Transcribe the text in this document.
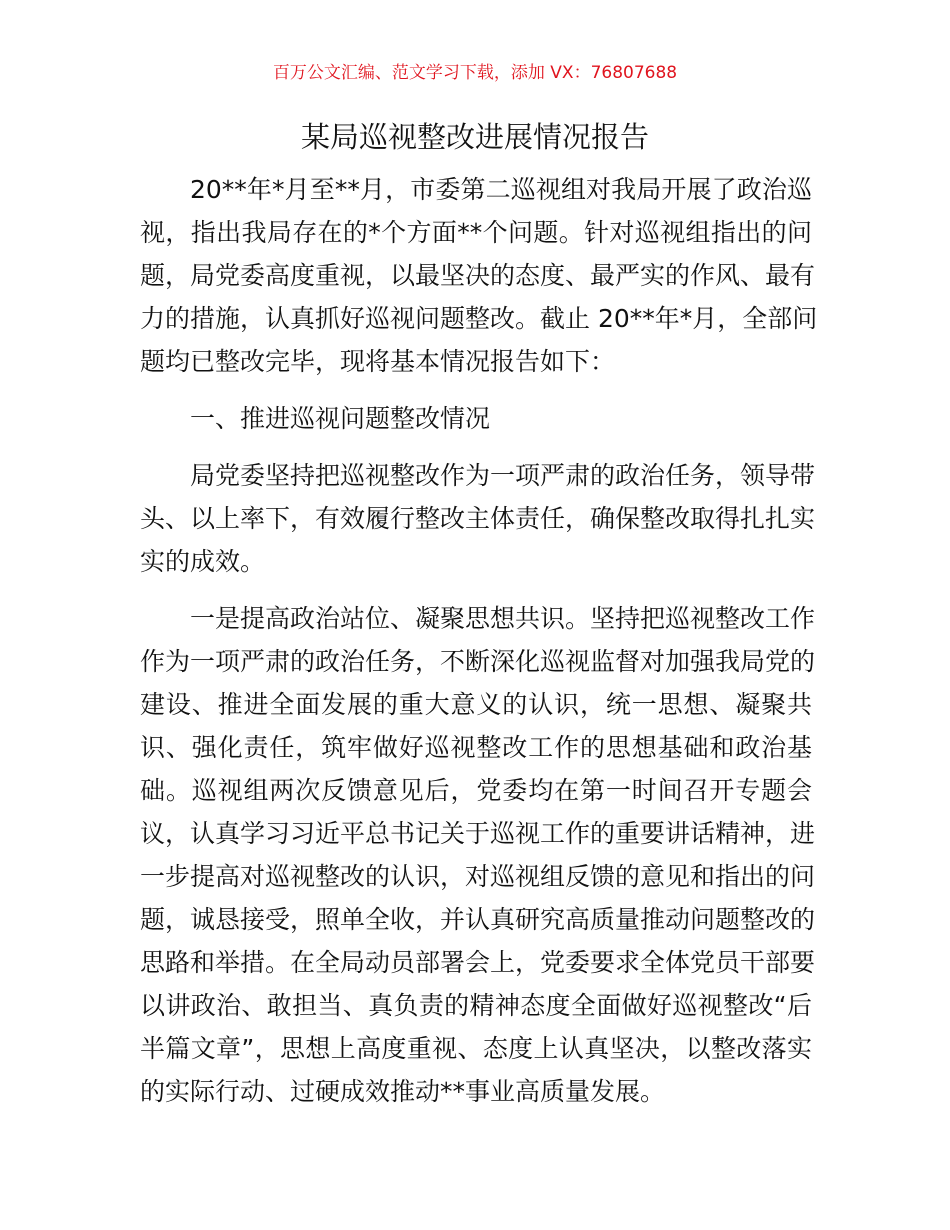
百万公文汇编、范文学习下载，添加 VX：76807688
某局巡视整改进展情况报告
20**年*月至**月，市委第二巡视组对我局开展了政治巡
视，指出我局存在的*个方面**个问题。针对巡视组指出的问
题，局党委高度重视，以最坚决的态度、最严实的作风、最有
力的措施，认真抓好巡视问题整改。截止 20**年*月，全部问
题均已整改完毕，现将基本情况报告如下：
一、推进巡视问题整改情况
局党委坚持把巡视整改作为一项严肃的政治任务，领导带
头、以上率下，有效履行整改主体责任，确保整改取得扎扎实
实的成效。
一是提高政治站位、凝聚思想共识。坚持把巡视整改工作
作为一项严肃的政治任务，不断深化巡视监督对加强我局党的
建设、推进全面发展的重大意义的认识，统一思想、凝聚共
识、强化责任，筑牢做好巡视整改工作的思想基础和政治基
础。巡视组两次反馈意见后，党委均在第一时间召开专题会
议，认真学习习近平总书记关于巡视工作的重要讲话精神，进
一步提高对巡视整改的认识，对巡视组反馈的意见和指出的问
题，诚恳接受，照单全收，并认真研究高质量推动问题整改的
思路和举措。在全局动员部署会上，党委要求全体党员干部要
以讲政治、敢担当、真负责的精神态度全面做好巡视整改“后
半篇文章”，思想上高度重视、态度上认真坚决，以整改落实
的实际行动、过硬成效推动**事业高质量发展。
